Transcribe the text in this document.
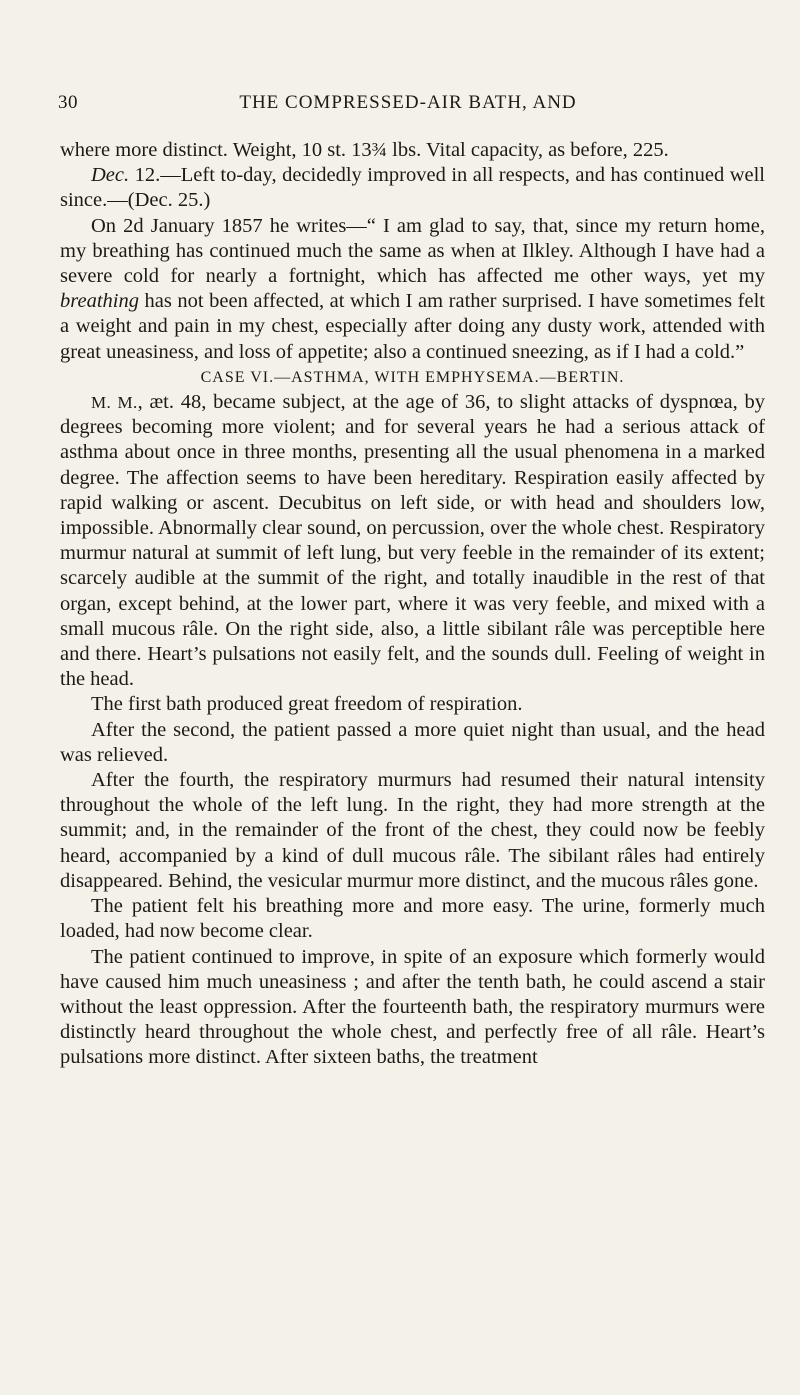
30	THE COMPRESSED-AIR BATH, AND

where more distinct. Weight, 10 st. 13¾ lbs. Vital capacity, as before, 225.

Dec. 12.—Left to-day, decidedly improved in all respects, and has continued well since.—(Dec. 25.)

On 2d January 1857 he writes—“ I am glad to say, that, since my return home, my breathing has continued much the same as when at Ilkley. Although I have had a severe cold for nearly a fortnight, which has affected me other ways, yet my breathing has not been affected, at which I am rather surprised. I have sometimes felt a weight and pain in my chest, especially after doing any dusty work, attended with great uneasiness, and loss of appetite; also a continued sneezing, as if I had a cold.”

CASE VI.—ASTHMA, WITH EMPHYSEMA.—BERTIN.

M. M., æt. 48, became subject, at the age of 36, to slight attacks of dyspnœa, by degrees becoming more violent; and for several years he had a serious attack of asthma about once in three months, presenting all the usual phenomena in a marked degree. The affection seems to have been hereditary. Respiration easily affected by rapid walking or ascent. Decubitus on left side, or with head and shoulders low, impossible. Abnormally clear sound, on percussion, over the whole chest. Respiratory murmur natural at summit of left lung, but very feeble in the remainder of its extent; scarcely audible at the summit of the right, and totally inaudible in the rest of that organ, except behind, at the lower part, where it was very feeble, and mixed with a small mucous râle. On the right side, also, a little sibilant râle was perceptible here and there. Heart’s pulsations not easily felt, and the sounds dull. Feeling of weight in the head.

The first bath produced great freedom of respiration.

After the second, the patient passed a more quiet night than usual, and the head was relieved.

After the fourth, the respiratory murmurs had resumed their natural intensity throughout the whole of the left lung. In the right, they had more strength at the summit; and, in the remainder of the front of the chest, they could now be feebly heard, accompanied by a kind of dull mucous râle. The sibilant râles had entirely disappeared. Behind, the vesicular murmur more distinct, and the mucous râles gone.

The patient felt his breathing more and more easy. The urine, formerly much loaded, had now become clear.

The patient continued to improve, in spite of an exposure which formerly would have caused him much uneasiness ; and after the tenth bath, he could ascend a stair without the least oppression. After the fourteenth bath, the respiratory murmurs were distinctly heard throughout the whole chest, and perfectly free of all râle. Heart’s pulsations more distinct. After sixteen baths, the treatment
